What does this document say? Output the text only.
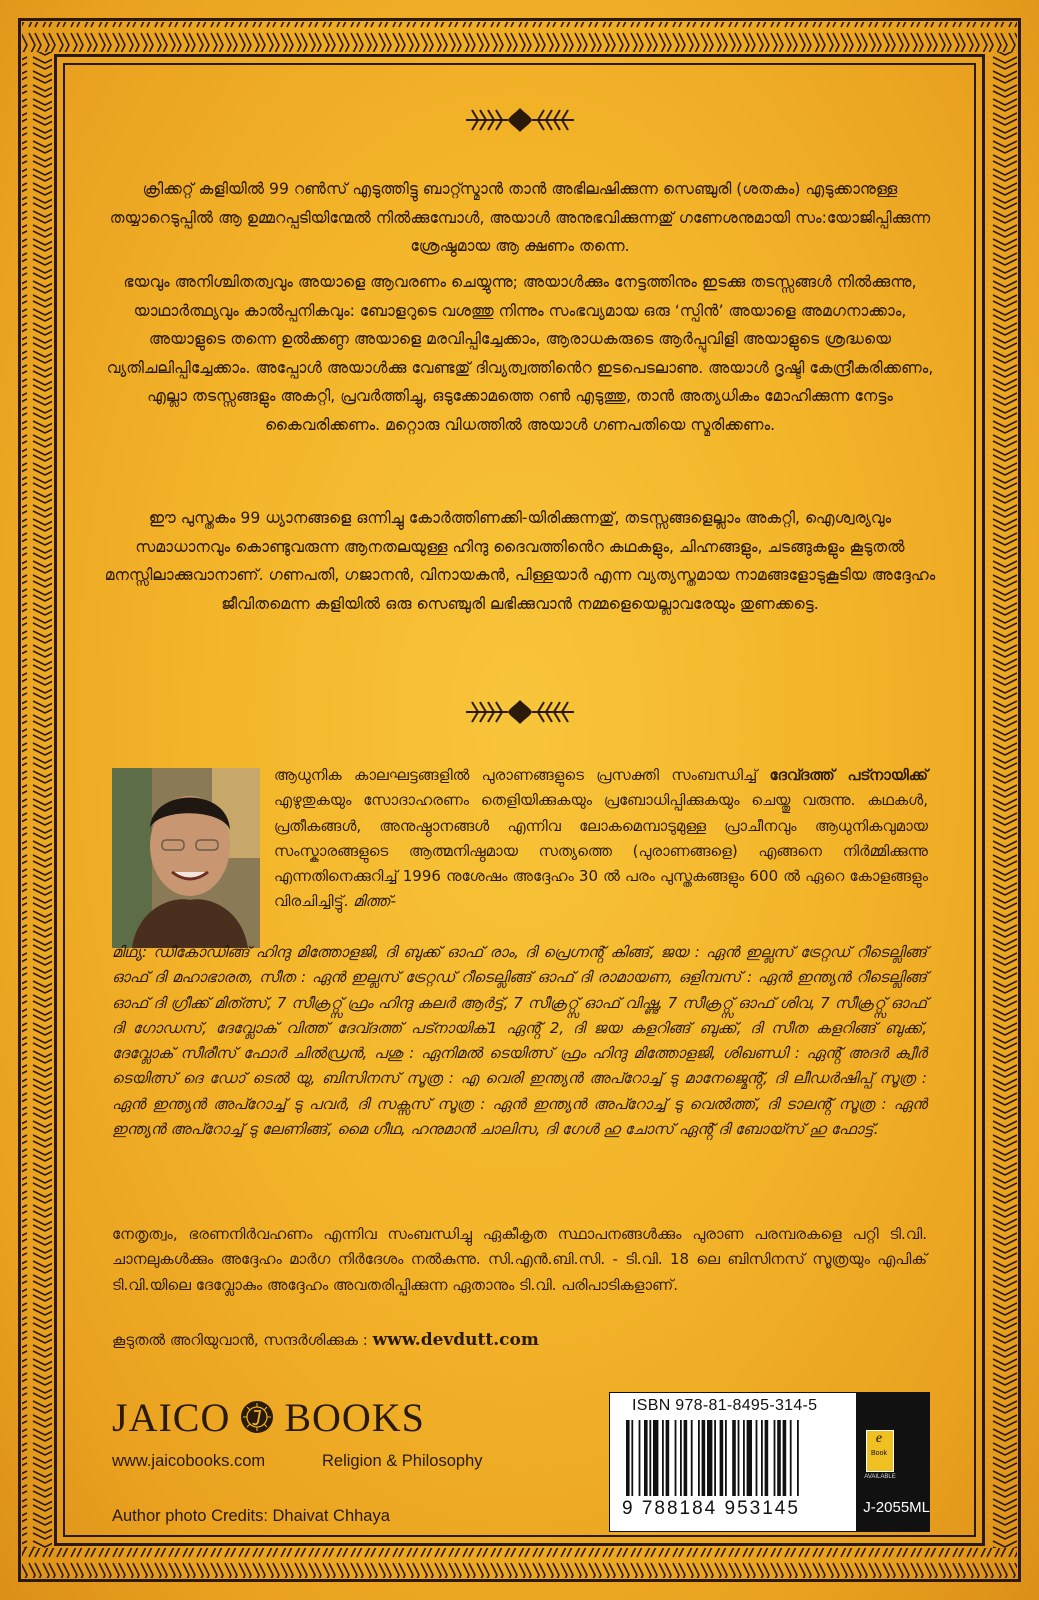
ക്രിക്കറ്റ് കളിയിൽ 99 റൺസ് എടുത്തിട്ടു ബാറ്റ്സ്മാൻ താൻ അഭിലഷിക്കുന്ന സെഞ്ചുരി (ശതകം) എടുക്കാനുള്ള തയ്യാറെടുപ്പിൽ ആ ഉമ്മറപ്പടിയിന്മേൽ നിൽക്കുമ്പോൾ, അയാൾ അനുഭവിക്കുന്നതു് ഗണേശനുമായി സം:യോജിപ്പിക്കുന്ന ശ്രേഷ്ഠമായ ആ ക്ഷണം തന്നെ.

ഭയവും അനിശ്ചിതത്വവും അയാളെ ആവരണം ചെയ്യുന്നു; അയാൾക്കും നേട്ടത്തിനും ഇടക്കു തടസ്സങ്ങൾ നിൽക്കുന്നു, യാഥാർത്ഥ്യവും കാൽപ്പനികവും: ബോളറുടെ വശത്തു നിന്നും സംഭവ്യമായ ഒരു ‘സ്പിൻ’ അയാളെ അമഗനാക്കാം, അയാളുടെ തന്നെ ഉൽക്കണ്ഠ അയാളെ മരവിപ്പിച്ചേക്കാം, ആരാധകരുടെ ആർപ്പുവിളി അയാളുടെ ശ്രദ്ധയെ വ്യതിചലിപ്പിച്ചേക്കാം. അപ്പോൾ അയാൾക്കു വേണ്ടതു് ദിവ്യത്വത്തിൻെറ ഇടപെടലാണു. അയാൾ ദൃഷ്ടി കേന്ദ്രീകരിക്കണം, എല്ലാ തടസ്സങ്ങളും അകറ്റി, പ്രവർത്തിച്ചു, ഒടുക്കോമത്തെ റൺ എടുത്തു, താൻ അത്യധികം മോഹിക്കുന്ന നേട്ടം കൈവരിക്കണം. മറ്റൊരു വിധത്തിൽ അയാൾ ഗണപതിയെ സ്മരിക്കണം.

ഈ പുസ്തകം 99 ധ്യാനങ്ങളെ ഒന്നിച്ചു കോർത്തിണക്കി-യിരിക്കുന്നതു്, തടസ്സങ്ങളെല്ലാം അകറ്റി, ഐശ്വര്യവും സമാധാനവും കൊണ്ടുവരുന്ന ആനതലയുള്ള ഹിന്ദു ദൈവത്തിൻെറ കഥകളും, ചിഹ്നങ്ങളും, ചടങ്ങുകളും കൂടുതൽ മനസ്സിലാക്കുവാനാണ്. ഗണപതി, ഗജാനൻ, വിനായകൻ, പിള്ളയാർ എന്ന വ്യത്യസ്തമായ നാമങ്ങളോടുകൂടിയ അദ്ദേഹം ജീവിതമെന്ന കളിയിൽ ഒരു സെഞ്ചുരി ലഭിക്കുവാൻ നമ്മളെയെല്ലാവരേയും തുണക്കട്ടെ.

ആധുനിക കാലഘട്ടങ്ങളിൽ പുരാണങ്ങളുടെ പ്രസക്തി സംബന്ധിച്ച് ദേവ്ദത്ത് പട്നായിക്ക് എഴുതുകയും സോദാഹരണം തെളിയിക്കുകയും പ്രബോധിപ്പിക്കുകയും ചെയ്തു വരുന്നു. കഥകൾ, പ്രതീകങ്ങൾ, അനുഷ്ഠാനങ്ങൾ എന്നിവ ലോകമെമ്പാടുമുള്ള പ്രാചീനവും ആധുനികവുമായ സംസ്കാരങ്ങളുടെ ആത്മനിഷ്ഠമായ സത്യത്തെ (പുരാണങ്ങളെ) എങ്ങനെ നിർമ്മിക്കുന്നു എന്നതിനെക്കുറിച്ച് 1996 നുശേഷം അദ്ദേഹം 30 ൽ പരം പുസ്തകങ്ങളും 600 ൽ ഏറെ കോളങ്ങളും വിരചിച്ചിട്ടു്. മിത്ത്-

മിഥ്യ: ഡീകോഡിങ്ങ് ഹിന്ദു മിത്തോളജി, ദി ബുക്ക് ഓഫ് രാം, ദി പ്രെഗ്നൻ്റ് കിങ്ങ്, ജയ : ഏൻ ഇല്ലസ് ട്രേറ്റഡ് റീടെല്ലിങ്ങ് ഓഫ് ദി മഹാഭാരത, സീത : ഏൻ ഇല്ലസ് ട്രേറ്റഡ് റീടെല്ലിങ്ങ് ഓഫ് ദി രാമായണ, ഒളിമ്പസ് : ഏൻ ഇന്ത്യൻ റീടെല്ലിങ്ങ് ഓഫ് ദി ഗ്രീക്ക് മിത്ത്സ്, 7 സീക്രറ്റ്സ് ഫ്രം ഹിന്ദു കലർ ആർട്ട്, 7 സീക്രറ്റ്സ് ഓഫ് വിഷ്ണു, 7 സീക്രറ്റ്സ് ഓഫ് ശിവ, 7 സീക്രറ്റ്സ് ഓഫ് ദി ഗോഡസ്, ദേവ്ലോക് വിത്ത് ദേവ്ദത്ത് പട്നായിക്1 ഏൻ്റ് 2, ദി ജയ കളറിങ്ങ് ബുക്ക്, ദി സീത കളറിങ്ങ് ബുക്ക്, ദേവ്ലോക് സീരീസ് ഫോർ ചിൽഡ്രൻ, പശു : ഏനിമൽ ടെയിത്സ് ഫ്രം ഹിന്ദു മിത്തോളജി, ശിഖണ്ഡി : ഏൻ്റ് അദർ ക്വീർ ടെയിത്സ് ദെ ഡോ് ടെൽ യു, ബിസിനസ് സൂത്ര : എ വെരി ഇന്ത്യൻ അപ്റോച്ച് ടു മാനേജ്മെൻ്റ്, ദി ലീഡർഷിപ്പ് സൂത്ര : ഏൻ ഇന്ത്യൻ അപ്റോച്ച് ടു പവർ, ദി സക്സസ് സൂത്ര : ഏൻ ഇന്ത്യൻ അപ്റോച്ച് ടു വെൽത്ത്, ദി ടാലൻ്റ് സൂത്ര : ഏൻ ഇന്ത്യൻ അപ്റോച്ച് ടു ലേണിങ്ങ്, മൈ ഗീഥ, ഹനുമാൻ ചാലിസ, ദി ഗേൾ ഹു ചോസ് ഏൻ്റ് ദി ബോയ്സ് ഹു ഫോട്ട്.

നേതൃത്വം, ഭരണനിർവഹണം എന്നിവ സംബന്ധിച്ചു ഏകീകൃത സ്ഥാപനങ്ങൾക്കും പുരാണ പരമ്പരകളെ പറ്റി ടി.വി. ചാനലുകൾക്കും അദ്ദേഹം മാർഗ നിർദേശം നൽകുന്നു. സി.എൻ.ബി.സി. - ടി.വി. 18 ലെ ബിസിനസ് സൂത്രയും എപിക് ടി.വി.യിലെ ദേവ്ലോകും അദ്ദേഹം അവതരിപ്പിക്കുന്ന ഏതാനും ടി.വി. പരിപാടികളാണ്.

കൂടുതൽ അറിയുവാൻ, സന്ദർശിക്കുക : www.devdutt.com

JAICO BOOKS
www.jaicobooks.com	Religion & Philosophy
Author photo Credits: Dhaivat Chhaya
ISBN 978-81-8495-314-5
9 788184 953145
e
Book
AVAILABLE
J-2055ML
